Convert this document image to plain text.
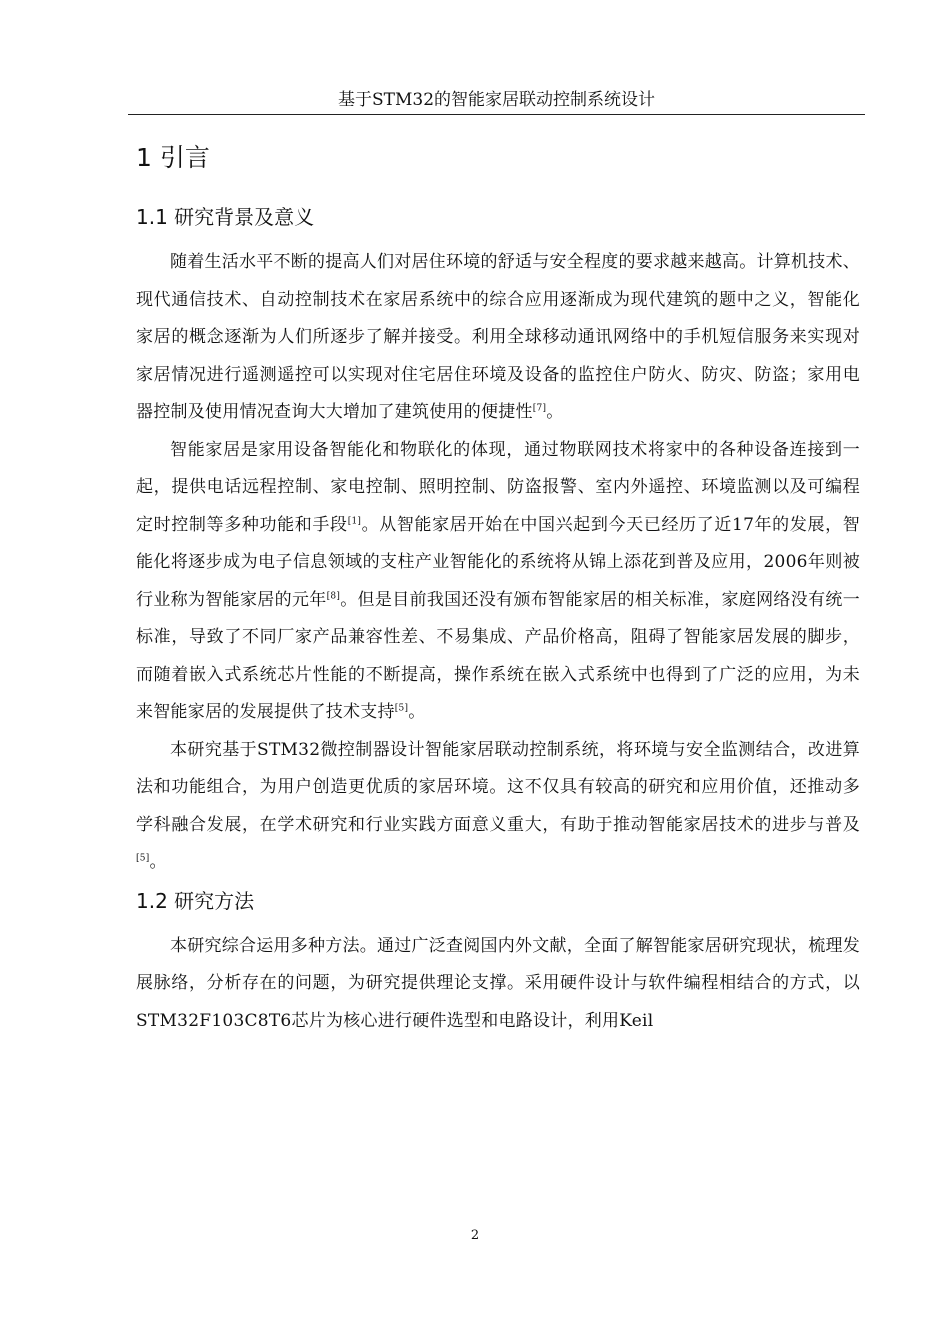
基于STM32的智能家居联动控制系统设计
1 引言
1.1 研究背景及意义

随着生活水平不断的提高人们对居住环境的舒适与安全程度的要求越来越高。计算机技术、现代通信技术、自动控制技术在家居系统中的综合应用逐渐成为现代建筑的题中之义，智能化家居的概念逐渐为人们所逐步了解并接受。利用全球移动通讯网络中的手机短信服务来实现对家居情况进行遥测遥控可以实现对住宅居住环境及设备的监控住户防火、防灾、防盗；家用电器控制及使用情况查询大大增加了建筑使用的便捷性[7]。

智能家居是家用设备智能化和物联化的体现，通过物联网技术将家中的各种设备连接到一起，提供电话远程控制、家电控制、照明控制、防盗报警、室内外遥控、环境监测以及可编程定时控制等多种功能和手段[1]。从智能家居开始在中国兴起到今天已经历了近17年的发展，智能化将逐步成为电子信息领域的支柱产业智能化的系统将从锦上添花到普及应用，2006年则被行业称为智能家居的元年[8]。但是目前我国还没有颁布智能家居的相关标准，家庭网络没有统一标准，导致了不同厂家产品兼容性差、不易集成、产品价格高，阻碍了智能家居发展的脚步，而随着嵌入式系统芯片性能的不断提高，操作系统在嵌入式系统中也得到了广泛的应用，为未来智能家居的发展提供了技术支持[5]。

本研究基于STM32微控制器设计智能家居联动控制系统，将环境与安全监测结合，改进算法和功能组合，为用户创造更优质的家居环境。这不仅具有较高的研究和应用价值，还推动多学科融合发展，在学术研究和行业实践方面意义重大，有助于推动智能家居技术的进步与普及[5]。

1.2 研究方法

本研究综合运用多种方法。通过广泛查阅国内外文献，全面了解智能家居研究现状，梳理发展脉络，分析存在的问题，为研究提供理论支撑。采用硬件设计与软件编程相结合的方式，以STM32F103C8T6芯片为核心进行硬件选型和电路设计，利用Keil

2
